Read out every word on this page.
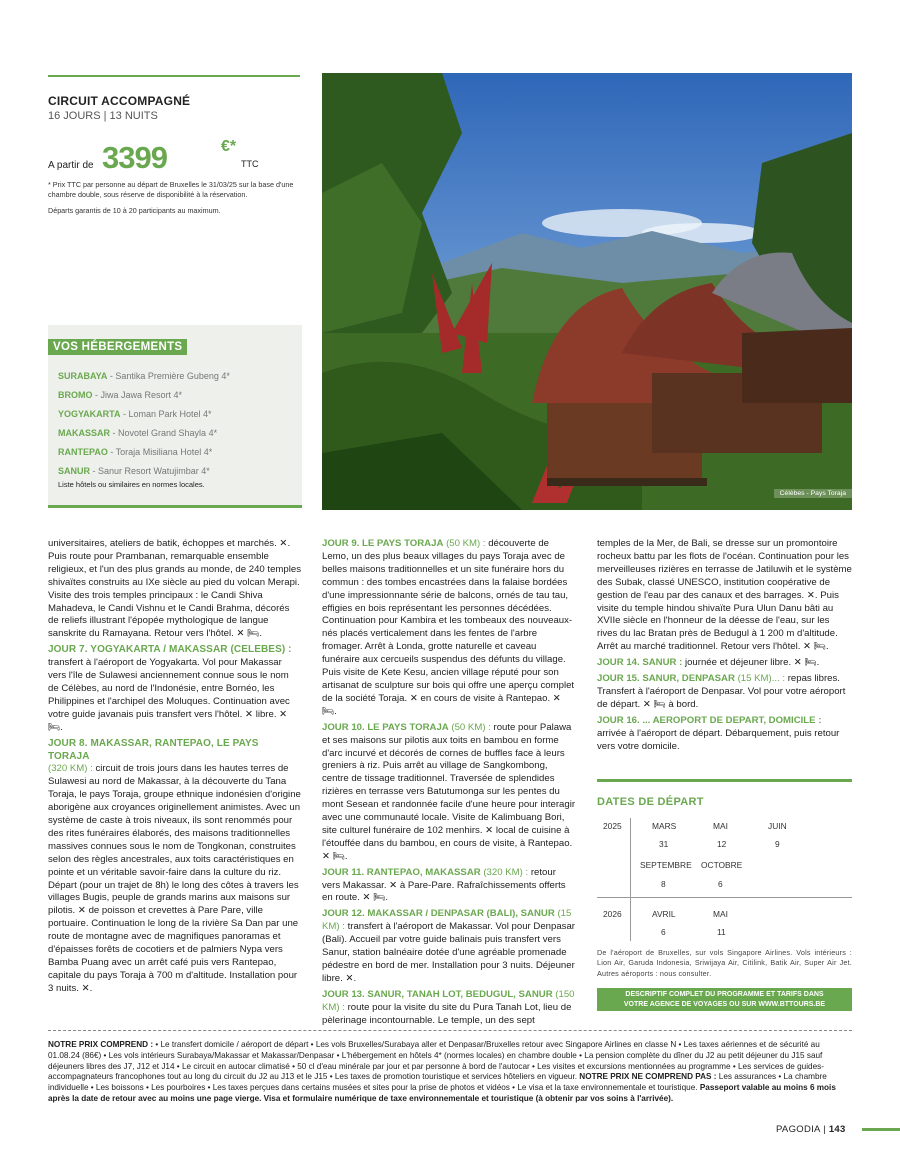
CIRCUIT ACCOMPAGNÉ
16 JOURS | 13 NUITS
A partir de 3399	€*
TTC
* Prix TTC par personne au départ de Bruxelles le 31/03/25 sur la base d'une chambre double, sous réserve de disponibilité à la réservation.
Départs garantis de 10 à 20 participants au maximum.
VOS HÉBERGEMENTS
SURABAYA - Santika Première Gubeng 4*
BROMO - Jiwa Jawa Resort 4*
YOGYAKARTA - Loman Park Hotel 4*
MAKASSAR - Novotel Grand Shayla 4*
RANTEPAO - Toraja Misiliana Hotel 4*
SANUR - Sanur Resort Watujimbar 4*
Liste hôtels ou similaires en normes locales.
Célèbes - Pays Toraja

universitaires, ateliers de batik, échoppes et marchés. ✕. Puis route pour Prambanan, remarquable ensemble religieux, et l'un des plus grands au monde, de 240 temples shivaïtes construits au IXe siècle au pied du volcan Merapi. Visite des trois temples principaux : le Candi Shiva Mahadeva, le Candi Vishnu et le Candi Brahma, décorés de reliefs illustrant l'épopée mythologique de langue sanskrite du Ramayana. Retour vers l'hôtel. ✕ 🛏.

JOUR 7. YOGYAKARTA / MAKASSAR (CELEBES) :

transfert à l'aéroport de Yogyakarta. Vol pour Makassar vers l'île de Sulawesi anciennement connue sous le nom de Célèbes, au nord de l'Indonésie, entre Bornéo, les Philippines et l'archipel des Moluques. Continuation avec votre guide javanais puis transfert vers l'hôtel. ✕ libre. ✕ 🛏.

JOUR 8. MAKASSAR, RANTEPAO, LE PAYS TORAJA

(320 KM) : circuit de trois jours dans les hautes terres de Sulawesi au nord de Makassar, à la découverte du Tana Toraja, le pays Toraja, groupe ethnique indonésien d'origine aborigène aux croyances originellement animistes. Avec un système de caste à trois niveaux, ils sont renommés pour des rites funéraires élaborés, des maisons traditionnelles massives connues sous le nom de Tongkonan, construites selon des règles ancestrales, aux toits caractéristiques en pointe et un véritable savoir-faire dans la culture du riz. Départ (pour un trajet de 8h) le long des côtes à travers les villages Bugis, peuple de grands marins aux maisons sur pilotis. ✕ de poisson et crevettes à Pare Pare, ville portuaire. Continuation le long de la rivière Sa Dan par une route de montagne avec de magnifiques panoramas et d'épaisses forêts de cocotiers et de palmiers Nypa vers Bamba Puang avec un arrêt café puis vers Rantepao, capitale du pays Toraja à 700 m d'altitude. Installation pour 3 nuits. ✕.

JOUR 9. LE PAYS TORAJA (50 KM) : découverte de Lemo, un des plus beaux villages du pays Toraja avec de belles maisons traditionnelles et un site funéraire hors du commun : des tombes encastrées dans la falaise bordées d'une impressionnante série de balcons, ornés de tau tau, effigies en bois représentant les personnes décédées. Continuation pour Kambira et les tombeaux des nouveaux-nés placés verticalement dans les fentes de l'arbre fromager. Arrêt à Londa, grotte naturelle et caveau funéraire aux cercueils suspendus des défunts du village. Puis visite de Kete Kesu, ancien village réputé pour son artisanat de sculpture sur bois qui offre une aperçu complet de la société Toraja. ✕ en cours de visite à Rantepao. ✕ 🛏.

JOUR 10. LE PAYS TORAJA (50 KM) : route pour Palawa et ses maisons sur pilotis aux toits en bambou en forme d'arc incurvé et décorés de cornes de buffles face à leurs greniers à riz. Puis arrêt au village de Sangkombong, centre de tissage traditionnel. Traversée de splendides rizières en terrasse vers Batutumonga sur les pentes du mont Sesean et randonnée facile d'une heure pour interagir avec une communauté locale. Visite de Kalimbuang Bori, site culturel funéraire de 102 menhirs. ✕ local de cuisine à l'étouffée dans du bambou, en cours de visite, à Rantepao. ✕ 🛏.

JOUR 11. RANTEPAO, MAKASSAR (320 KM) : retour vers Makassar. ✕ à Pare-Pare. Rafraîchissements offerts en route. ✕ 🛏.

JOUR 12. MAKASSAR / DENPASAR (BALI), SANUR (15 KM) : transfert à l'aéroport de Makassar. Vol pour Denpasar (Bali). Accueil par votre guide balinais puis transfert vers Sanur, station balnéaire dotée d'une agréable promenade pédestre en bord de mer. Installation pour 3 nuits. Déjeuner libre. ✕.

JOUR 13. SANUR, TANAH LOT, BEDUGUL, SANUR (150 KM) : route pour la visite du site du Pura Tanah Lot, lieu de pèlerinage incontournable. Le temple, un des sept

temples de la Mer, de Bali, se dresse sur un promontoire rocheux battu par les flots de l'océan. Continuation pour les merveilleuses rizières en terrasse de Jatiluwih et le système des Subak, classé UNESCO, institution coopérative de gestion de l'eau par des canaux et des barrages. ✕. Puis visite du temple hindou shivaïte Pura Ulun Danu bâti au XVIIe siècle en l'honneur de la déesse de l'eau, sur les rives du lac Bratan près de Bedugul à 1 200 m d'altitude. Arrêt au marché traditionnel. Retour vers l'hôtel. ✕ 🛏.

JOUR 14. SANUR : journée et déjeuner libre. ✕ 🛏.

JOUR 15. SANUR, DENPASAR (15 KM)... : repas libres. Transfert à l'aéroport de Denpasar. Vol pour votre aéroport de départ. ✕ 🛏 à bord.

JOUR 16. ... AEROPORT DE DEPART, DOMICILE : arrivée à l'aéroport de départ. Débarquement, puis retour vers votre domicile.

DATES DE DÉPART
2025	MARS	MAI	JUIN
31	12	9
SEPTEMBRE OCTOBRE
8	6
2026	AVRIL	MAI
6	11
De l'aéroport de Bruxelles, sur vols Singapore Airlines. Vols intérieurs : Lion Air, Garuda Indonesia, Sriwijaya Air, Citilink, Batik Air, Super Air Jet. Autres aéroports : nous consulter.
DESCRIPTIF COMPLET DU PROGRAMME ET TARIFS DANS
VOTRE AGENCE DE VOYAGES OU SUR WWW.BTTOURS.BE
NOTRE PRIX COMPREND : • Le transfert domicile / aéroport de départ • Les vols Bruxelles/Surabaya aller et Denpasar/Bruxelles retour avec Singapore Airlines en classe N • Les taxes aériennes et de sécurité au 01.08.24 (86€) • Les vols intérieurs Surabaya/Makassar et Makassar/Denpasar • L'hébergement en hôtels 4* (normes locales) en chambre double • La pension complète du dîner du J2 au petit déjeuner du J15 sauf déjeuners libres des J7, J12 et J14 • Le circuit en autocar climatisé • 50 cl d'eau minérale par jour et par personne à bord de l'autocar • Les visites et excursions mentionnées au programme • Les services de guides-accompagnateurs francophones tout au long du circuit du J2 au J13 et le J15 • Les taxes de promotion touristique et services hôteliers en vigueur. NOTRE PRIX NE COMPREND PAS : Les assurances • La chambre individuelle • Les boissons • Les pourboires • Les taxes perçues dans certains musées et sites pour la prise de photos et vidéos • Le visa et la taxe environnementale et touristique. Passeport valable au moins 6 mois après la date de retour avec au moins une page vierge. Visa et formulaire numérique de taxe environnementale et touristique (à obtenir par vos soins à l'arrivée).
PAGODIA | 143
